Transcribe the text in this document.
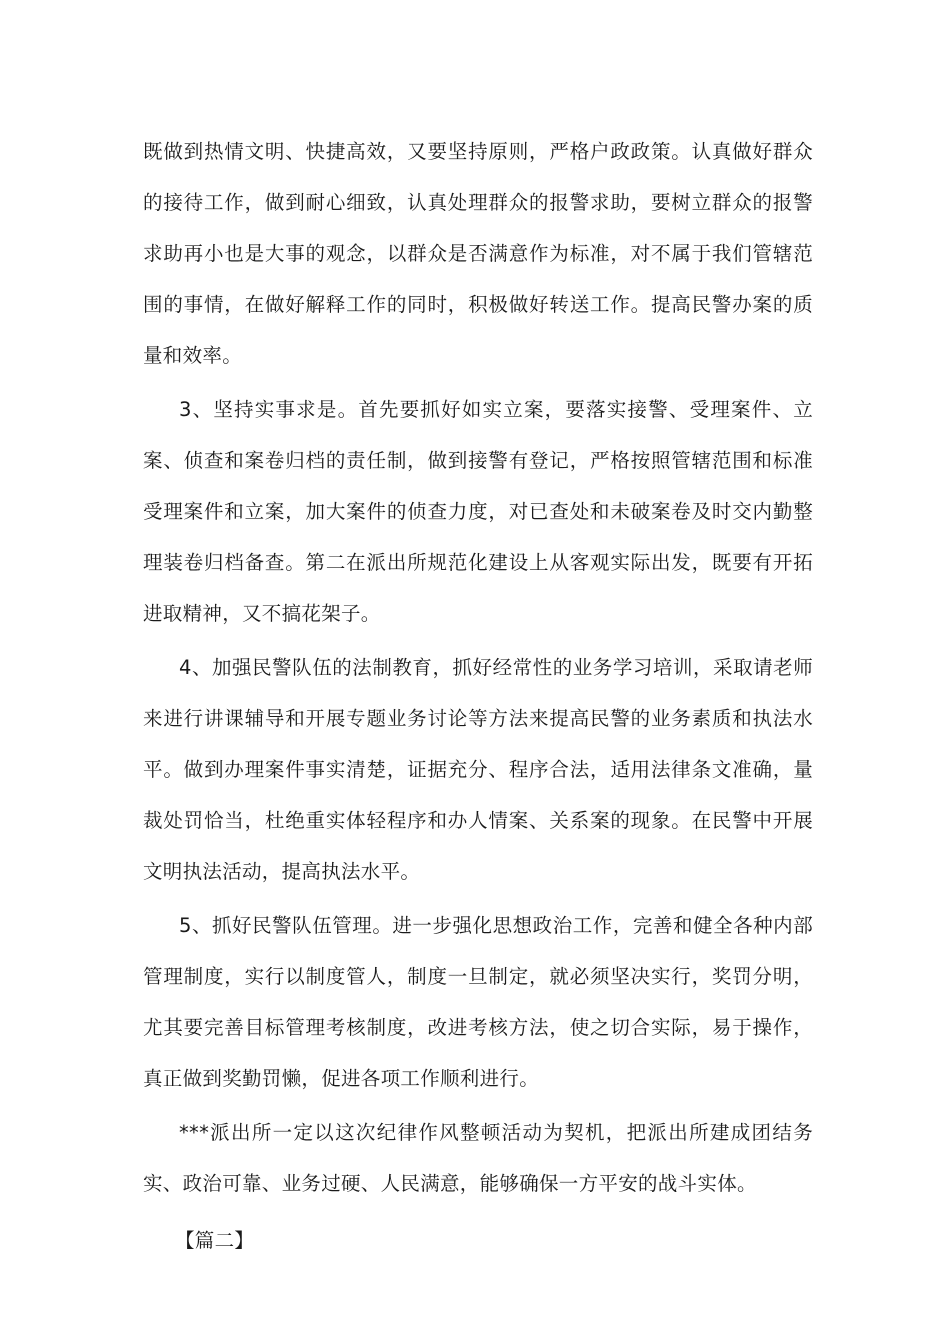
既做到热情文明、快捷高效，又要坚持原则，严格户政政策。认真做好群众的接待工作，做到耐心细致，认真处理群众的报警求助，要树立群众的报警求助再小也是大事的观念，以群众是否满意作为标准，对不属于我们管辖范围的事情，在做好解释工作的同时，积极做好转送工作。提高民警办案的质量和效率。

3、坚持实事求是。首先要抓好如实立案，要落实接警、受理案件、立案、侦查和案卷归档的责任制，做到接警有登记，严格按照管辖范围和标准受理案件和立案，加大案件的侦查力度，对已查处和未破案卷及时交内勤整理装卷归档备查。第二在派出所规范化建设上从客观实际出发，既要有开拓进取精神，又不搞花架子。

4、加强民警队伍的法制教育，抓好经常性的业务学习培训，采取请老师来进行讲课辅导和开展专题业务讨论等方法来提高民警的业务素质和执法水平。做到办理案件事实清楚，证据充分、程序合法，适用法律条文准确，量裁处罚恰当，杜绝重实体轻程序和办人情案、关系案的现象。在民警中开展文明执法活动，提高执法水平。

5、抓好民警队伍管理。进一步强化思想政治工作，完善和健全各种内部管理制度，实行以制度管人，制度一旦制定，就必须坚决实行，奖罚分明，尤其要完善目标管理考核制度，改进考核方法，使之切合实际，易于操作，真正做到奖勤罚懒，促进各项工作顺利进行。

***派出所一定以这次纪律作风整顿活动为契机，把派出所建成团结务实、政治可靠、业务过硬、人民满意，能够确保一方平安的战斗实体。

【篇二】
